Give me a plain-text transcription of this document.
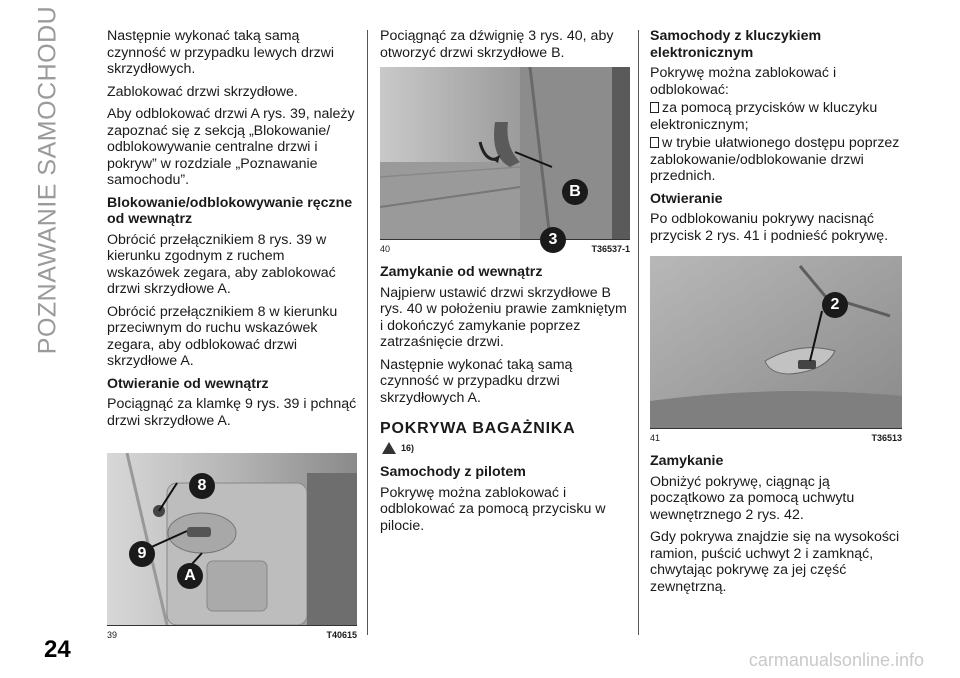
POZNAWANIE SAMOCHODU
24	carmanualsonline.info

Następnie wykonać taką samą czynność w przypadku lewych drzwi skrzydłowych.

Zablokować drzwi skrzydłowe.

Aby odblokować drzwi A rys. 39, należy zapoznać się z sekcją „Blokowanie/ odblokowywanie centralne drzwi i pokryw” w rozdziale „Poznawanie samochodu”.

Blokowanie/odblokowywanie ręczne od wewnątrz

Obrócić przełącznikiem 8 rys. 39 w kierunku zgodnym z ruchem wskazówek zegara, aby zablokować drzwi skrzydłowe A.

Obrócić przełącznikiem 8 w kierunku przeciwnym do ruchu wskazówek zegara, aby odblokować drzwi skrzydłowe A.

Otwieranie od wewnątrz

Pociągnąć za klamkę 9 rys. 39 i pchnąć drzwi skrzydłowe A.

8
9
A
39	T40615

Pociągnąć za dźwignię 3 rys. 40, aby otworzyć drzwi skrzydłowe B.

B
3
40	T36537-1
Zamykanie od wewnątrz

Najpierw ustawić drzwi skrzydłowe B rys. 40 w położeniu prawie zamkniętym i dokończyć zamykanie poprzez zatrzaśnięcie drzwi.

Następnie wykonać taką samą czynność w przypadku drzwi skrzydłowych A.

POKRYWA BAGAŻNIKA
16)
Samochody z pilotem

Pokrywę można zablokować i odblokować za pomocą przycisku w pilocie.

Samochody z kluczykiem elektronicznym

Pokrywę można zablokować i odblokować:

za pomocą przycisków w kluczyku elektronicznym;

w trybie ułatwionego dostępu poprzez zablokowanie/odblokowanie drzwi przednich.

Otwieranie

Po odblokowaniu pokrywy nacisnąć przycisk 2 rys. 41 i podnieść pokrywę.

2
41	T36513
Zamykanie

Obniżyć pokrywę, ciągnąc ją początkowo za pomocą uchwytu wewnętrznego 2 rys. 42.

Gdy pokrywa znajdzie się na wysokości ramion, puścić uchwyt 2 i zamknąć, chwytając pokrywę za jej część zewnętrzną.
